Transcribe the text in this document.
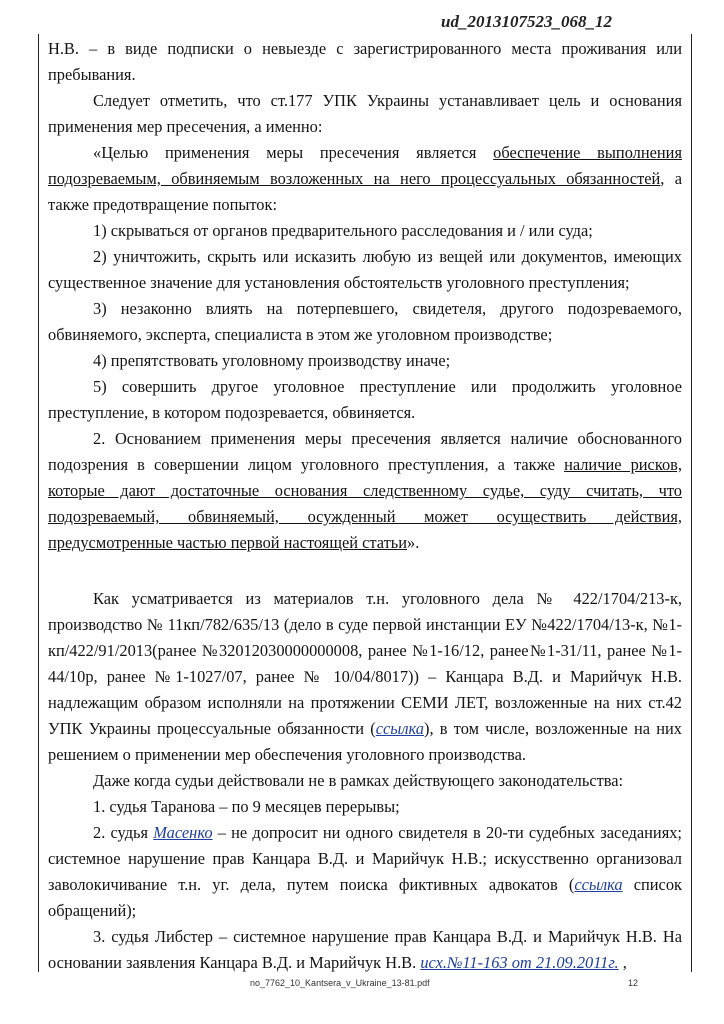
ud_2013107523_068_12

Н.В. – в виде подписки о невыезде с зарегистрированного места проживания или пребывания.

Следует отметить, что ст.177 УПК Украины устанавливает цель и основания применения мер пресечения, а именно:

«Целью применения меры пресечения является обеспечение выполнения подозреваемым, обвиняемым возложенных на него процессуальных обязанностей, а также предотвращение попыток:

1) скрываться от органов предварительного расследования и / или суда;

2) уничтожить, скрыть или исказить любую из вещей или документов, имеющих существенное значение для установления обстоятельств уголовного преступления;

3) незаконно влиять на потерпевшего, свидетеля, другого подозреваемого, обвиняемого, эксперта, специалиста в этом же уголовном производстве;

4) препятствовать уголовному производству иначе;

5) совершить другое уголовное преступление или продолжить уголовное преступление, в котором подозревается, обвиняется.

2. Основанием применения меры пресечения является наличие обоснованного подозрения в совершении лицом уголовного преступления, а также наличие рисков, которые дают достаточные основания следственному судье, суду считать, что подозреваемый, обвиняемый, осужденный может осуществить действия, предусмотренные частью первой настоящей статьи».

Как усматривается из материалов т.н. уголовного дела № 422/1704/213-к, производство № 11кп/782/635/13 (дело в суде первой инстанции ЕУ №422/1704/13-к, №1-кп/422/91/2013(ранее №32012030000000008, ранее №1-16/12, ранее№1-31/11, ранее №1-44/10р, ранее №1-1027/07, ранее № 10/04/8017)) – Канцара В.Д. и Марийчук Н.В. надлежащим образом исполняли на протяжении СЕМИ ЛЕТ, возложенные на них ст.42 УПК Украины процессуальные обязанности (ссылка), в том числе, возложенные на них решением о применении мер обеспечения уголовного производства.

Даже когда судьи действовали не в рамках действующего законодательства:

1. судья Таранова – по 9 месяцев перерывы;

2. судья Масенко – не допросит ни одного свидетеля в 20-ти судебных заседаниях; системное нарушение прав Канцара В.Д. и Марийчук Н.В.; искусственно организовал заволокичивание т.н. уг. дела, путем поиска фиктивных адвокатов (ссылка список обращений);

3. судья Либстер – системное нарушение прав Канцара В.Д. и Марийчук Н.В. На основании заявления Канцара В.Д. и Марийчук Н.В. исх.№11-163 от 21.09.2011г. ,

no_7762_10_Kantsera_v_Ukraine_13-81.pdf	12
